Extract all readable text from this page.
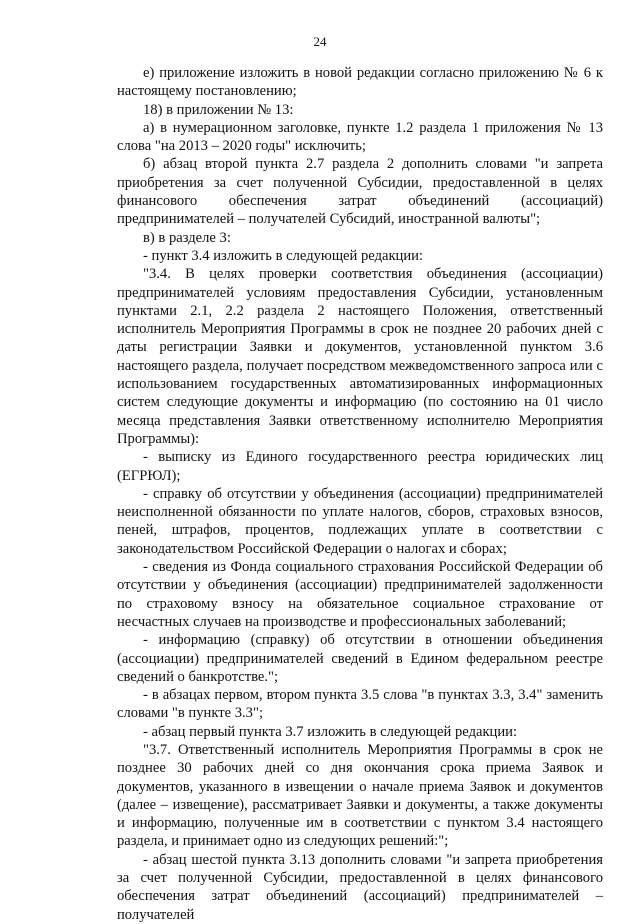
24

е) приложение изложить в новой редакции согласно приложению № 6 к настоящему постановлению;

18) в приложении № 13:

а) в нумерационном заголовке, пункте 1.2 раздела 1 приложения № 13 слова "на 2013 – 2020 годы" исключить;

б) абзац второй пункта 2.7 раздела 2 дополнить словами "и запрета приобретения за счет полученной Субсидии, предоставленной в целях финансового обеспечения затрат объединений (ассоциаций) предпринимателей – получателей Субсидий, иностранной валюты";

в) в разделе 3:

- пункт 3.4 изложить в следующей редакции:

"3.4. В целях проверки соответствия объединения (ассоциации) предпринимателей условиям предоставления Субсидии, установленным пунктами 2.1, 2.2 раздела 2 настоящего Положения, ответственный исполнитель Мероприятия Программы в срок не позднее 20 рабочих дней с даты регистрации Заявки и документов, установленной пунктом 3.6 настоящего раздела, получает посредством межведомственного запроса или с использованием государственных автоматизированных информационных систем следующие документы и информацию (по состоянию на 01 число месяца представления Заявки ответственному исполнителю Мероприятия Программы):

- выписку из Единого государственного реестра юридических лиц (ЕГРЮЛ);

- справку об отсутствии у объединения (ассоциации) предпринимателей неисполненной обязанности по уплате налогов, сборов, страховых взносов, пеней, штрафов, процентов, подлежащих уплате в соответствии с законодательством Российской Федерации о налогах и сборах;

- сведения из Фонда социального страхования Российской Федерации об отсутствии у объединения (ассоциации) предпринимателей задолженности по страховому взносу на обязательное социальное страхование от несчастных случаев на производстве и профессиональных заболеваний;

- информацию (справку) об отсутствии в отношении объединения (ассоциации) предпринимателей сведений в Едином федеральном реестре сведений о банкротстве.";

- в абзацах первом, втором пункта 3.5 слова "в пунктах 3.3, 3.4" заменить словами "в пункте 3.3";

- абзац первый пункта 3.7 изложить в следующей редакции:

"3.7. Ответственный исполнитель Мероприятия Программы в срок не позднее 30 рабочих дней со дня окончания срока приема Заявок и документов, указанного в извещении о начале приема Заявок и документов (далее – извещение), рассматривает Заявки и документы, а также документы и информацию, полученные им в соответствии с пунктом 3.4 настоящего раздела, и принимает одно из следующих решений:";

- абзац шестой пункта 3.13 дополнить словами "и запрета приобретения за счет полученной Субсидии, предоставленной в целях финансового обеспечения затрат объединений (ассоциаций) предпринимателей – получателей
